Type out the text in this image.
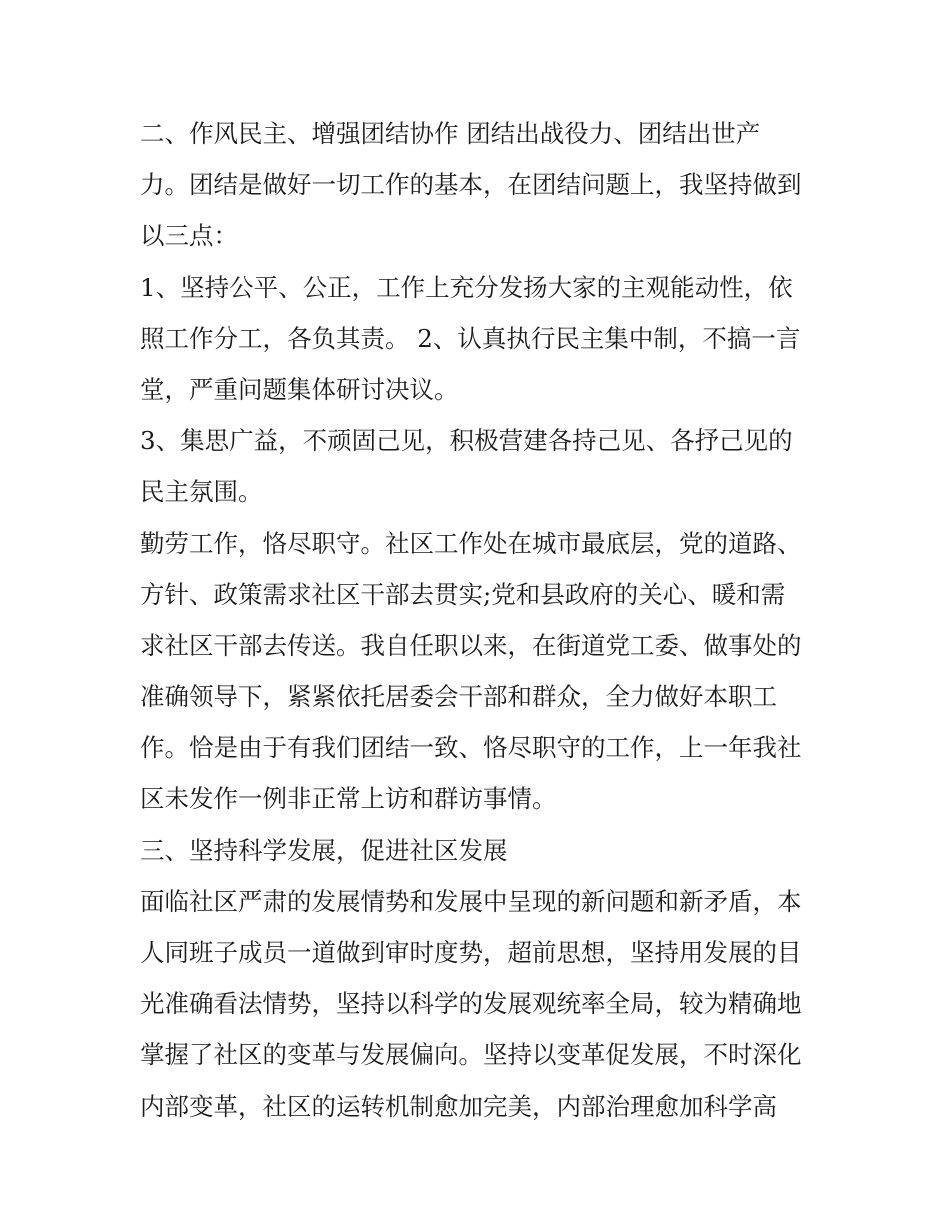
二、作风民主、增强团结协作 团结出战役力、团结出世产
力。团结是做好一切工作的基本，在团结问题上，我坚持做到
以三点：
1、坚持公平、公正，工作上充分发扬大家的主观能动性，依
照工作分工，各负其责。 2、认真执行民主集中制，不搞一言
堂，严重问题集体研讨决议。
3、集思广益，不顽固己见，积极营建各持己见、各抒己见的
民主氛围。
勤劳工作，恪尽职守。社区工作处在城市最底层，党的道路、
方针、政策需求社区干部去贯实;党和县政府的关心、暖和需
求社区干部去传送。我自任职以来，在街道党工委、做事处的
准确领导下，紧紧依托居委会干部和群众，全力做好本职工
作。恰是由于有我们团结一致、恪尽职守的工作，上一年我社
区未发作一例非正常上访和群访事情。
三、坚持科学发展，促进社区发展
面临社区严肃的发展情势和发展中呈现的新问题和新矛盾，本
人同班子成员一道做到审时度势，超前思想，坚持用发展的目
光准确看法情势，坚持以科学的发展观统率全局，较为精确地
掌握了社区的变革与发展偏向。坚持以变革促发展，不时深化
内部变革，社区的运转机制愈加完美，内部治理愈加科学高
